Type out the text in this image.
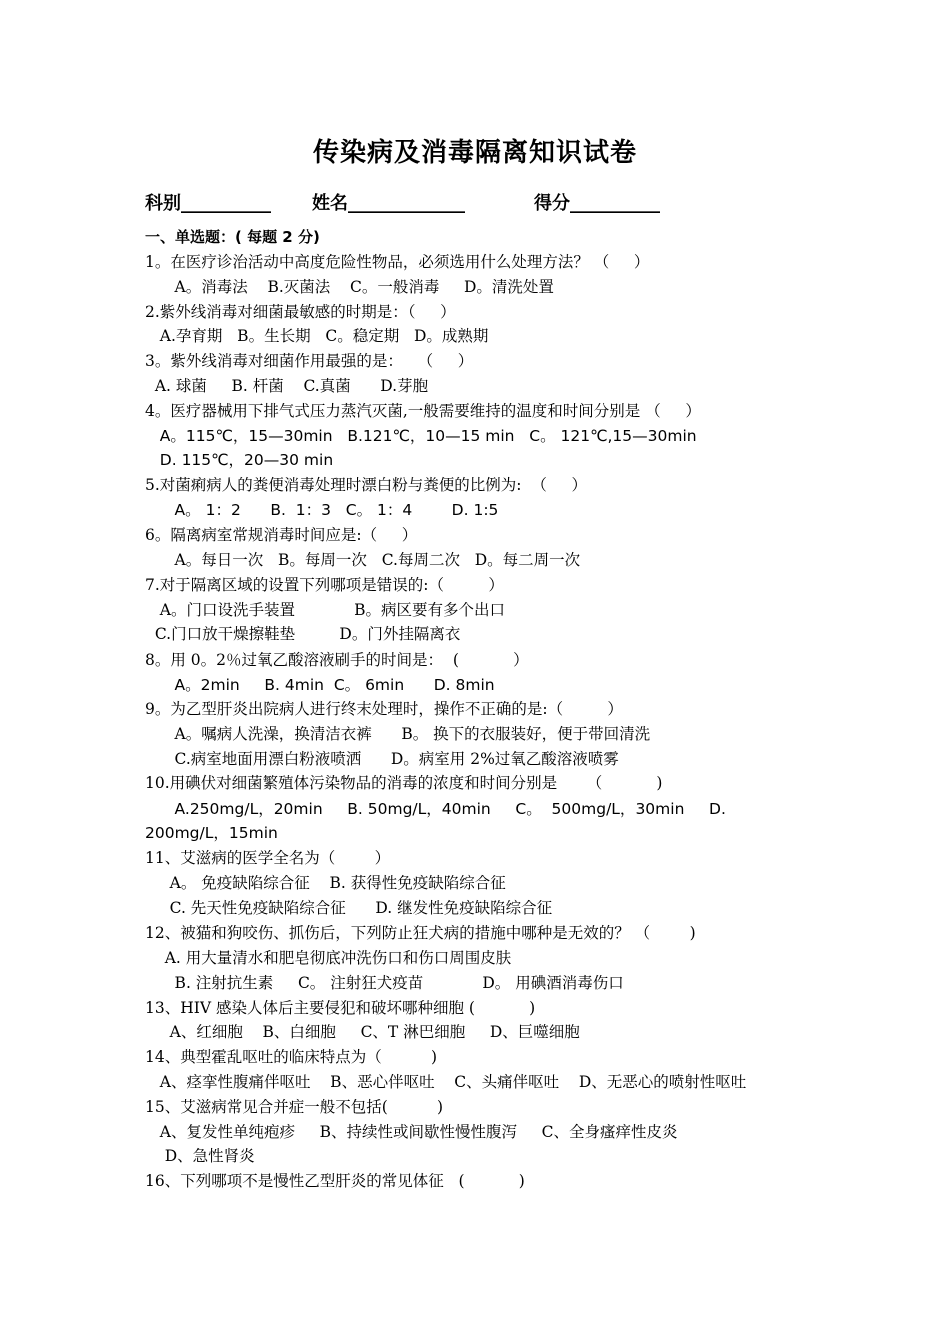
传染病及消毒隔离知识试卷
科别__________ 姓名_____________	得分__________
一、单选题：( 每题 2 分)
1。在医疗诊治活动中高度危险性物品，必须选用什么处理方法？ （     ）
A。消毒法    B.灭菌法    C。一般消毒     D。清洗处置
2.紫外线消毒对细菌最敏感的时期是：（     ）
A.孕育期   B。生长期   C。稳定期   D。成熟期
3。紫外线消毒对细菌作用最强的是：   （     ）
A. 球菌     B. 杆菌    C.真菌      D.芽胞
4。医疗器械用下排气式压力蒸汽灭菌,一般需要维持的温度和时间分别是 （     ）
A。115℃，15—30min   B.121℃，10—15 min   C。 121℃,15—30min
D. 115℃，20—30 min
5.对菌痢病人的粪便消毒处理时漂白粉与粪便的比例为:  （     ）
A。 1：2      B.  1：3   C。 1：4        D. 1:5
6。隔离病室常规消毒时间应是:（     ）
A。每日一次   B。每周一次   C.每周二次   D。每二周一次
7.对于隔离区域的设置下列哪项是错误的:（         ）
A。门口设洗手装置            B。病区要有多个出口
C.门口放干燥擦鞋垫         D。门外挂隔离衣
8。用 0。2％过氧乙酸溶液刷手的时间是：  (           ）
A。2min     B. 4min  C。 6min      D. 8min
9。为乙型肝炎出院病人进行终末处理时，操作不正确的是:（         ）
A。嘱病人洗澡，换清洁衣裤      B。 换下的衣服装好，便于带回清洗
C.病室地面用漂白粉液喷洒      D。病室用 2%过氧乙酸溶液喷雾
10.用碘伏对细菌繁殖体污染物品的消毒的浓度和时间分别是      （           )
A.250mg/L，20min     B. 50mg/L，40min     C。  500mg/L，30min     D.
200mg/L，15min
11、艾滋病的医学全名为（        ）
A。 免疫缺陷综合征    B. 获得性免疫缺陷综合征
C. 先天性免疫缺陷综合征      D. 继发性免疫缺陷综合征
12、被猫和狗咬伤、抓伤后，下列防止狂犬病的措施中哪种是无效的？ （        )
A. 用大量清水和肥皂彻底冲洗伤口和伤口周围皮肤
B. 注射抗生素     C。 注射狂犬疫苗            D。 用碘酒消毒伤口
13、HIV 感染人体后主要侵犯和破坏哪种细胞 (           )
A、红细胞    B、白细胞     C、T 淋巴细胞     D、巨噬细胞
14、典型霍乱呕吐的临床特点为（          )
A、痉挛性腹痛伴呕吐    B、恶心伴呕吐    C、头痛伴呕吐    D、无恶心的喷射性呕吐
15、艾滋病常见合并症一般不包括(          )
A、复发性单纯疱疹     B、持续性或间歇性慢性腹泻     C、全身瘙痒性皮炎
D、急性肾炎
16、下列哪项不是慢性乙型肝炎的常见体征   (           )
